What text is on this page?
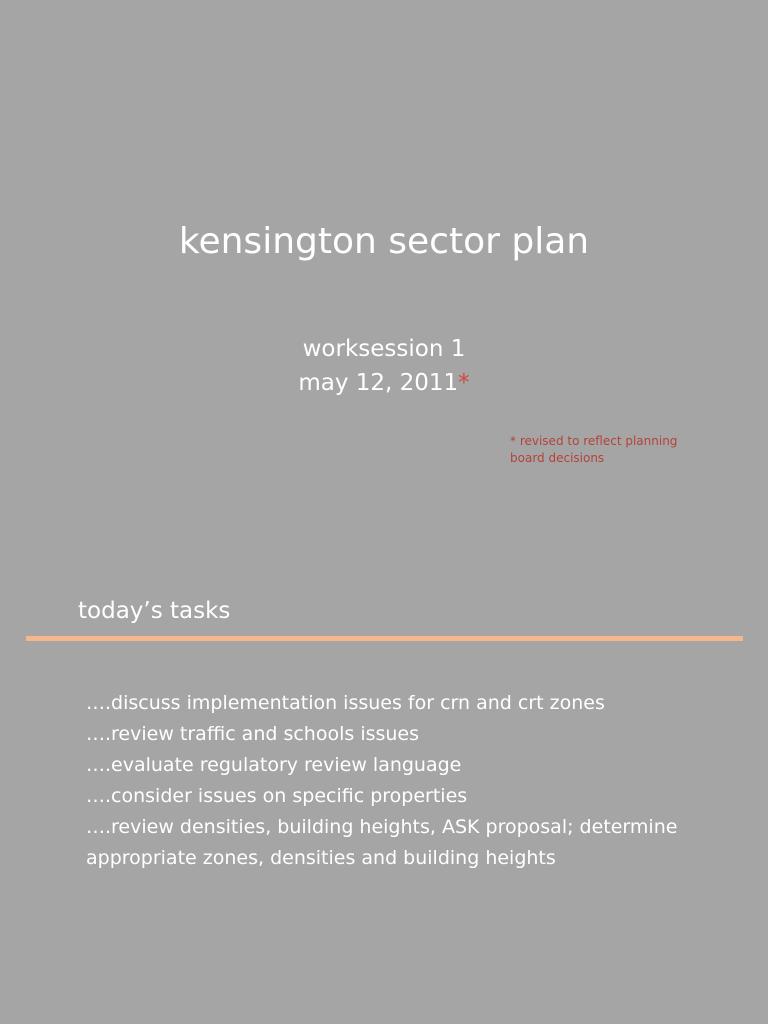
kensington sector plan
worksession 1
may 12, 2011*
* revised to reflect planning
board decisions
today’s tasks
….discuss implementation issues for crn and crt zones
….review traffic and schools issues
….evaluate regulatory review language
….consider issues on specific properties
….review densities, building heights, ASK proposal; determine appropriate zones, densities and building heights
